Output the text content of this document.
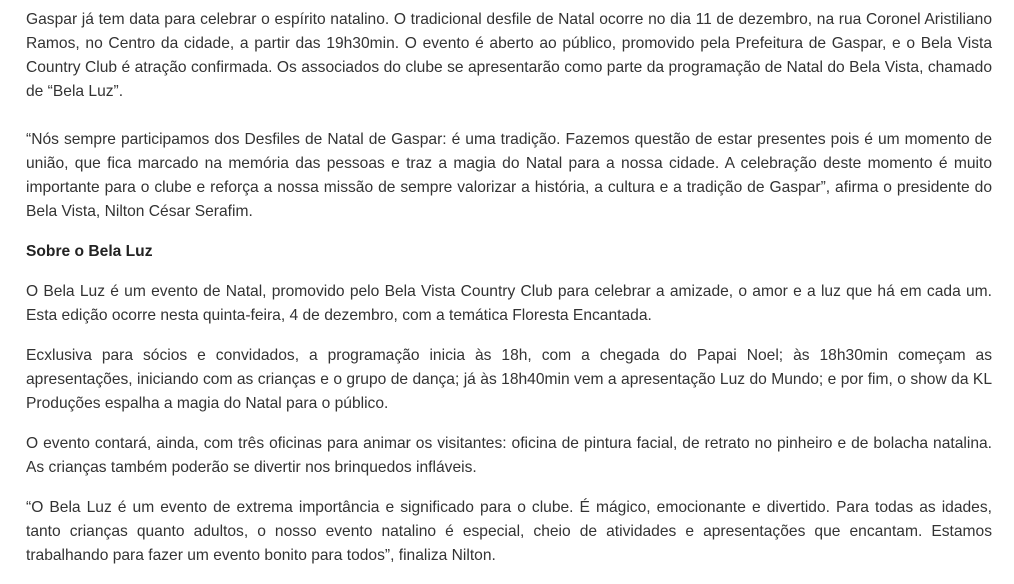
Gaspar já tem data para celebrar o espírito natalino. O tradicional desfile de Natal ocorre no dia 11 de dezembro, na rua Coronel Aristiliano Ramos, no Centro da cidade, a partir das 19h30min. O evento é aberto ao público, promovido pela Prefeitura de Gaspar, e o Bela Vista Country Club é atração confirmada. Os associados do clube se apresentarão como parte da programação de Natal do Bela Vista, chamado de “Bela Luz”.

“Nós sempre participamos dos Desfiles de Natal de Gaspar: é uma tradição. Fazemos questão de estar presentes pois é um momento de união, que fica marcado na memória das pessoas e traz a magia do Natal para a nossa cidade. A celebração deste momento é muito importante para o clube e reforça a nossa missão de sempre valorizar a história, a cultura e a tradição de Gaspar”, afirma o presidente do Bela Vista, Nilton César Serafim.

Sobre o Bela Luz

O Bela Luz é um evento de Natal, promovido pelo Bela Vista Country Club para celebrar a amizade, o amor e a luz que há em cada um. Esta edição ocorre nesta quinta-feira, 4 de dezembro, com a temática Floresta Encantada.

Ecxlusiva para sócios e convidados, a programação inicia às 18h, com a chegada do Papai Noel; às 18h30min começam as apresentações, iniciando com as crianças e o grupo de dança; já às 18h40min vem a apresentação Luz do Mundo; e por fim, o show da KL Produções espalha a magia do Natal para o público.

O evento contará, ainda, com três oficinas para animar os visitantes: oficina de pintura facial, de retrato no pinheiro e de bolacha natalina. As crianças também poderão se divertir nos brinquedos infláveis.

“O Bela Luz é um evento de extrema importância e significado para o clube. É mágico, emocionante e divertido. Para todas as idades, tanto crianças quanto adultos, o nosso evento natalino é especial, cheio de atividades e apresentações que encantam. Estamos trabalhando para fazer um evento bonito para todos”, finaliza Nilton.
